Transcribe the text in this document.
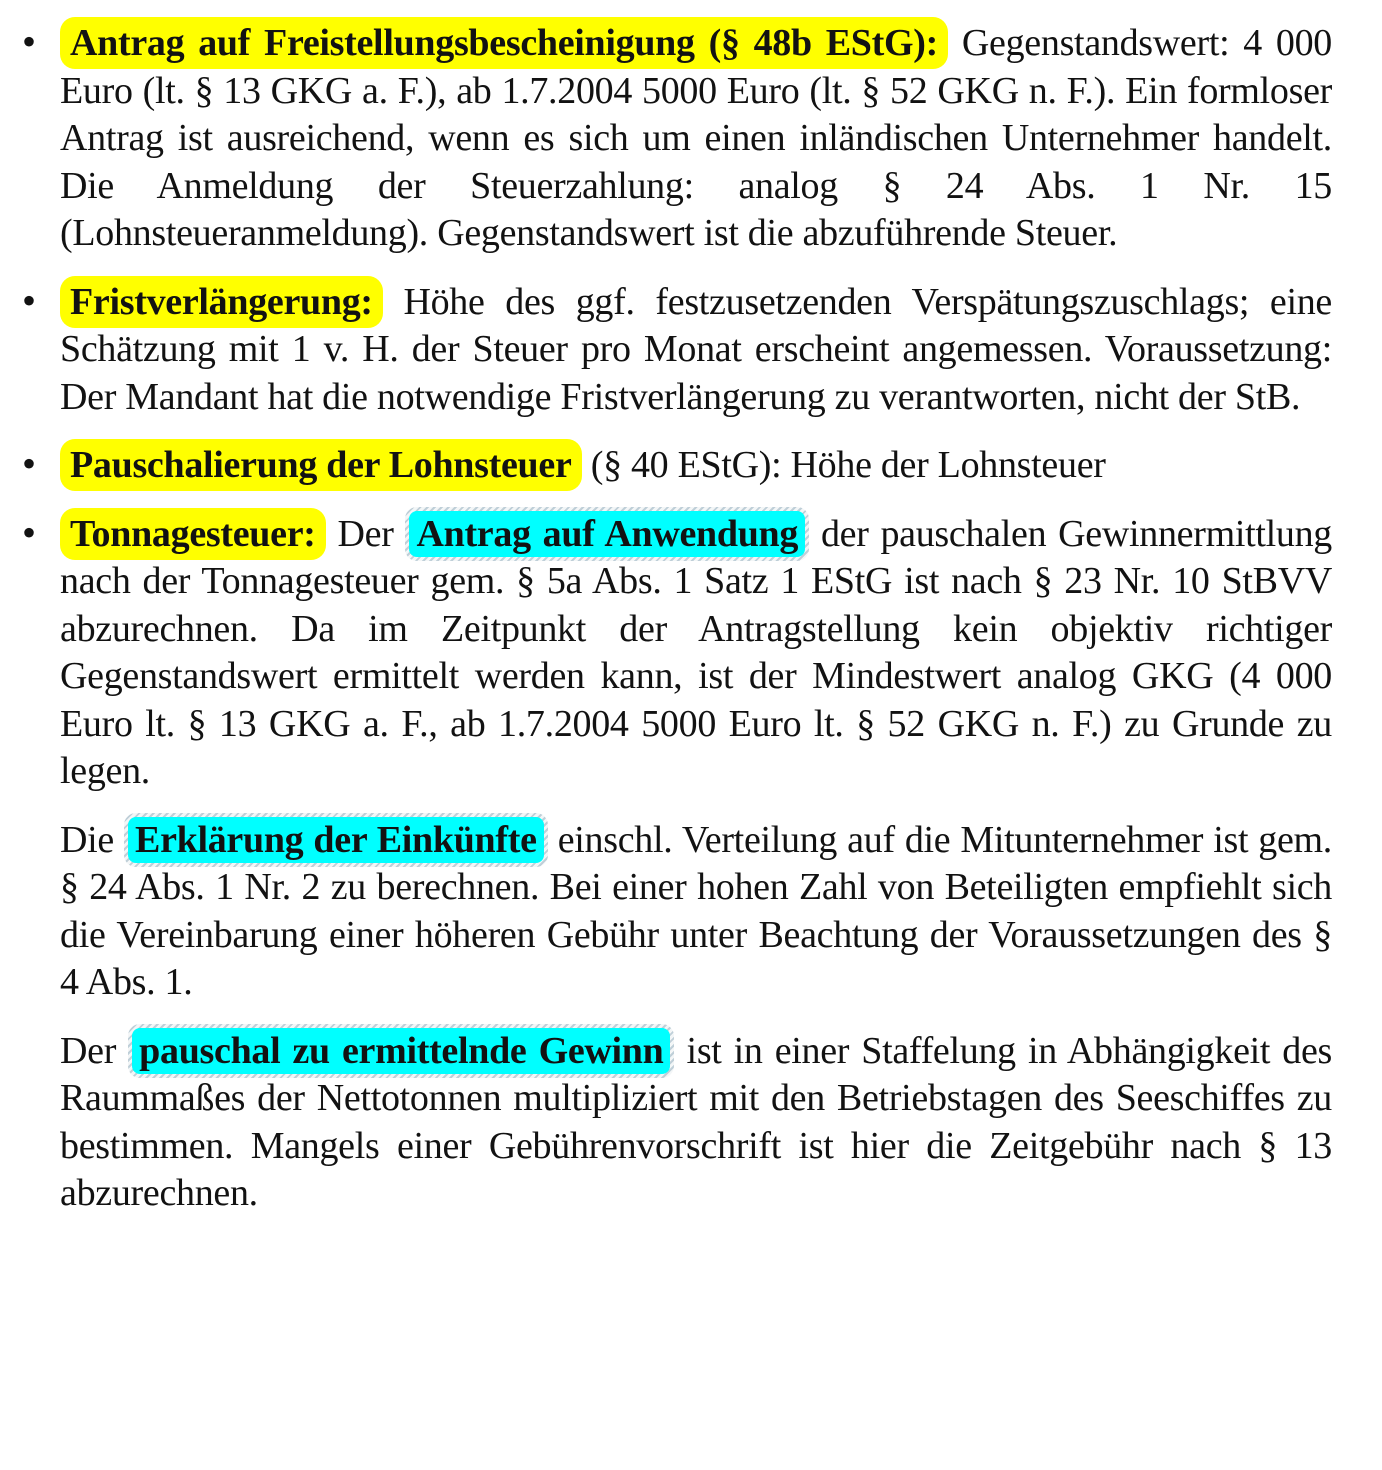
• Antrag auf Freistellungsbescheinigung (§ 48b EStG): Gegenstandswert: 4 000 Euro (lt. § 13 GKG a. F.), ab 1.7.2004 5000 Euro (lt. § 52 GKG n. F.). Ein formloser Antrag ist ausreichend, wenn es sich um einen inländischen Unternehmer handelt. Die Anmeldung der Steuerzahlung: analog § 24 Abs. 1 Nr. 15 (Lohnsteueranmeldung). Gegenstandswert ist die abzuführende Steuer.
• Fristverlängerung: Höhe des ggf. festzusetzenden Verspätungszuschlags; eine Schätzung mit 1 v. H. der Steuer pro Monat erscheint angemessen. Voraussetzung: Der Mandant hat die notwendige Fristverlängerung zu verantworten, nicht der StB.
• Pauschalierung der Lohnsteuer (§ 40 EStG): Höhe der Lohnsteuer
• Tonnagesteuer: Der Antrag auf Anwendung der pauschalen Gewinnermittlung nach der Tonnagesteuer gem. § 5a Abs. 1 Satz 1 EStG ist nach § 23 Nr. 10 StBVV abzurechnen. Da im Zeitpunkt der Antragstellung kein objektiv richtiger Gegenstandswert ermittelt werden kann, ist der Mindestwert analog GKG (4 000 Euro lt. § 13 GKG a. F., ab 1.7.2004 5000 Euro lt. § 52 GKG n. F.) zu Grunde zu legen.
Die Erklärung der Einkünfte einschl. Verteilung auf die Mitunternehmer ist gem. § 24 Abs. 1 Nr. 2 zu berechnen. Bei einer hohen Zahl von Beteiligten empfiehlt sich die Vereinbarung einer höheren Gebühr unter Beachtung der Voraussetzungen des § 4 Abs. 1.
Der pauschal zu ermittelnde Gewinn ist in einer Staffelung in Abhängigkeit des Raummaßes der Nettotonnen multipliziert mit den Betriebstagen des Seeschiffes zu bestimmen. Mangels einer Gebührenvorschrift ist hier die Zeitgebühr nach § 13 abzurechnen.
